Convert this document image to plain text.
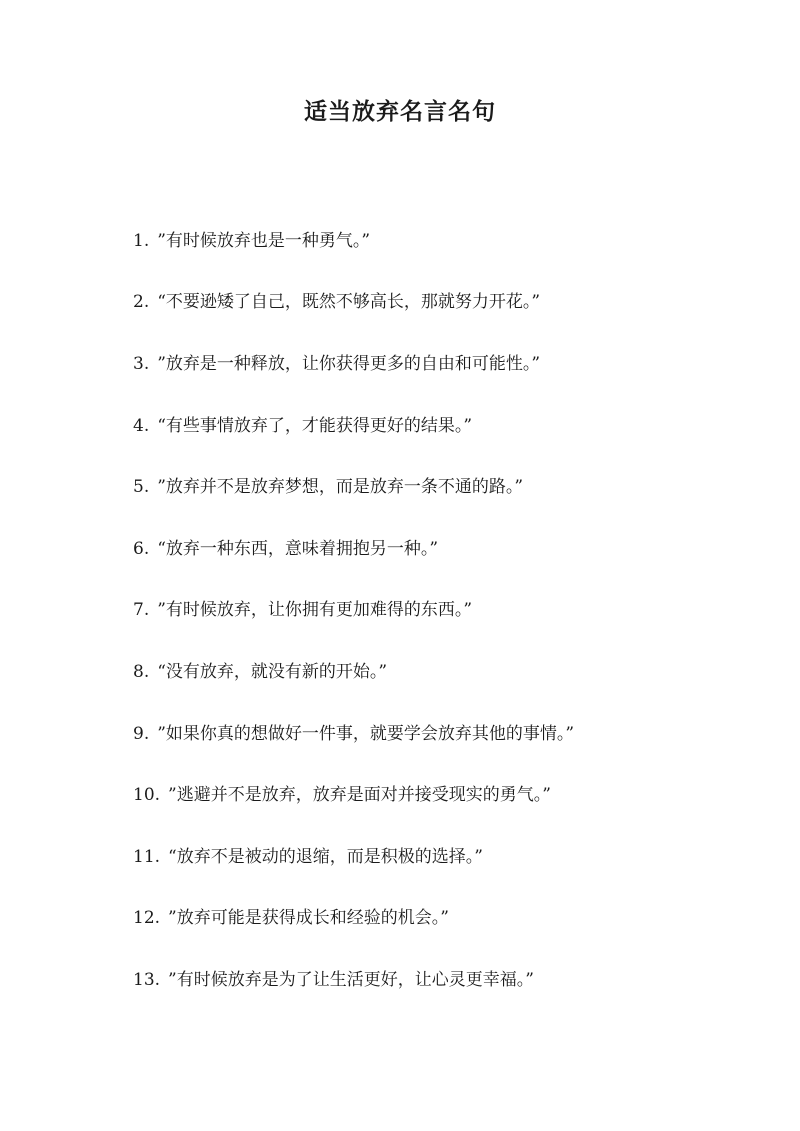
适当放弃名言名句
1. ”有时候放弃也是一种勇气。”
2. “不要逊矮了自己，既然不够高长，那就努力开花。”
3. ”放弃是一种释放，让你获得更多的自由和可能性。”
4. “有些事情放弃了，才能获得更好的结果。”
5. ”放弃并不是放弃梦想，而是放弃一条不通的路。”
6. “放弃一种东西，意味着拥抱另一种。”
7. ”有时候放弃，让你拥有更加难得的东西。”
8. “没有放弃，就没有新的开始。”
9. ”如果你真的想做好一件事，就要学会放弃其他的事情。”
10. ”逃避并不是放弃，放弃是面对并接受现实的勇气。”
11. “放弃不是被动的退缩，而是积极的选择。”
12. ”放弃可能是获得成长和经验的机会。”
13. ”有时候放弃是为了让生活更好，让心灵更幸福。”
